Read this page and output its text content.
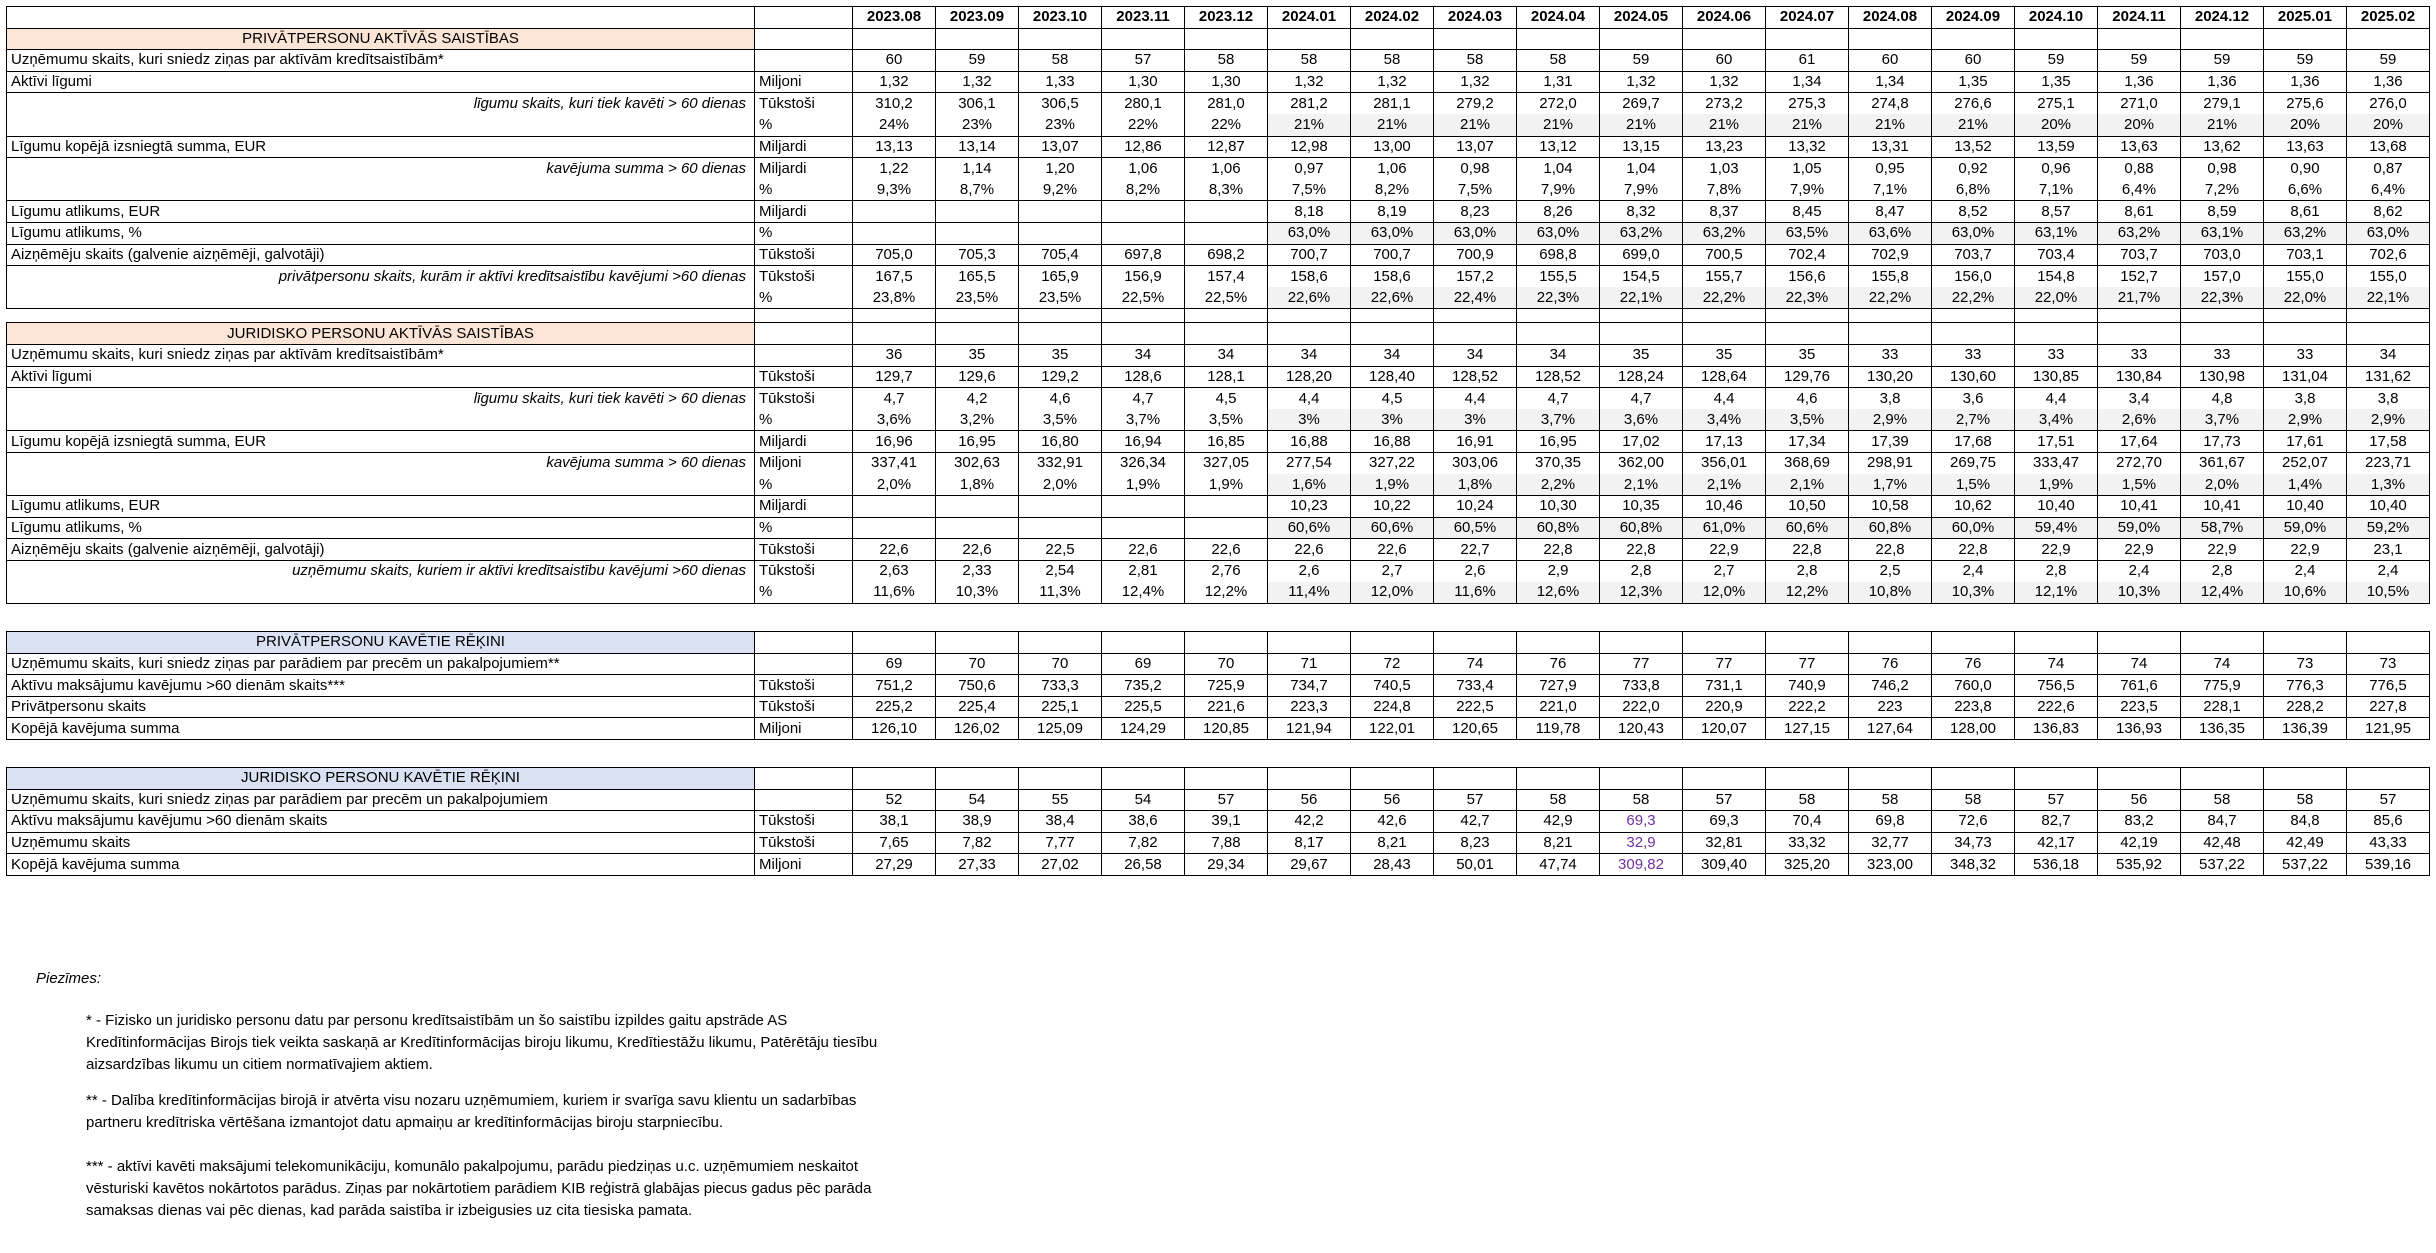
		2023.08	2023.09	2023.10	2023.11	2023.12	2024.01	2024.02	2024.03	2024.04	2024.05	2024.06	2024.07	2024.08	2024.09	2024.10	2024.11	2024.12	2025.01	2025.02
PRIVĀTPERSONU AKTĪVĀS SAISTĪBAS																				
Uzņēmumu skaits, kuri sniedz ziņas par aktīvām kredītsaistībām*		60	59	58	57	58	58	58	58	58	59	60	61	60	60	59	59	59	59	59
Aktīvi līgumi	Miljoni	1,32	1,32	1,33	1,30	1,30	1,32	1,32	1,32	1,31	1,32	1,32	1,34	1,34	1,35	1,35	1,36	1,36	1,36	1,36
līgumu skaits, kuri tiek kavēti > 60 dienas	Tūkstoši	310,2	306,1	306,5	280,1	281,0	281,2	281,1	279,2	272,0	269,7	273,2	275,3	274,8	276,6	275,1	271,0	279,1	275,6	276,0
	%	24%	23%	23%	22%	22%	21%	21%	21%	21%	21%	21%	21%	21%	21%	20%	20%	21%	20%	20%
Līgumu kopējā izsniegtā summa, EUR	Miljardi	13,13	13,14	13,07	12,86	12,87	12,98	13,00	13,07	13,12	13,15	13,23	13,32	13,31	13,52	13,59	13,63	13,62	13,63	13,68
kavējuma summa > 60 dienas	Miljardi	1,22	1,14	1,20	1,06	1,06	0,97	1,06	0,98	1,04	1,04	1,03	1,05	0,95	0,92	0,96	0,88	0,98	0,90	0,87
	%	9,3%	8,7%	9,2%	8,2%	8,3%	7,5%	8,2%	7,5%	7,9%	7,9%	7,8%	7,9%	7,1%	6,8%	7,1%	6,4%	7,2%	6,6%	6,4%
Līgumu atlikums, EUR	Miljardi						8,18	8,19	8,23	8,26	8,32	8,37	8,45	8,47	8,52	8,57	8,61	8,59	8,61	8,62
Līgumu atlikums, %	%						63,0%	63,0%	63,0%	63,0%	63,2%	63,2%	63,5%	63,6%	63,0%	63,1%	63,2%	63,1%	63,2%	63,0%
Aizņēmēju skaits (galvenie aizņēmēji, galvotāji)	Tūkstoši	705,0	705,3	705,4	697,8	698,2	700,7	700,7	700,9	698,8	699,0	700,5	702,4	702,9	703,7	703,4	703,7	703,0	703,1	702,6
privātpersonu skaits, kurām ir aktīvi kredītsaistību kavējumi >60 dienas	Tūkstoši	167,5	165,5	165,9	156,9	157,4	158,6	158,6	157,2	155,5	154,5	155,7	156,6	155,8	156,0	154,8	152,7	157,0	155,0	155,0
	%	23,8%	23,5%	23,5%	22,5%	22,5%	22,6%	22,6%	22,4%	22,3%	22,1%	22,2%	22,3%	22,2%	22,2%	22,0%	21,7%	22,3%	22,0%	22,1%

JURIDISKO PERSONU AKTĪVĀS SAISTĪBAS																				
Uzņēmumu skaits, kuri sniedz ziņas par aktīvām kredītsaistībām*		36	35	35	34	34	34	34	34	34	35	35	35	33	33	33	33	33	33	34
Aktīvi līgumi	Tūkstoši	129,7	129,6	129,2	128,6	128,1	128,20	128,40	128,52	128,52	128,24	128,64	129,76	130,20	130,60	130,85	130,84	130,98	131,04	131,62
līgumu skaits, kuri tiek kavēti > 60 dienas	Tūkstoši	4,7	4,2	4,6	4,7	4,5	4,4	4,5	4,4	4,7	4,7	4,4	4,6	3,8	3,6	4,4	3,4	4,8	3,8	3,8
	%	3,6%	3,2%	3,5%	3,7%	3,5%	3%	3%	3%	3,7%	3,6%	3,4%	3,5%	2,9%	2,7%	3,4%	2,6%	3,7%	2,9%	2,9%
Līgumu kopējā izsniegtā summa, EUR	Miljardi	16,96	16,95	16,80	16,94	16,85	16,88	16,88	16,91	16,95	17,02	17,13	17,34	17,39	17,68	17,51	17,64	17,73	17,61	17,58
kavējuma summa > 60 dienas	Miljoni	337,41	302,63	332,91	326,34	327,05	277,54	327,22	303,06	370,35	362,00	356,01	368,69	298,91	269,75	333,47	272,70	361,67	252,07	223,71
	%	2,0%	1,8%	2,0%	1,9%	1,9%	1,6%	1,9%	1,8%	2,2%	2,1%	2,1%	2,1%	1,7%	1,5%	1,9%	1,5%	2,0%	1,4%	1,3%
Līgumu atlikums, EUR	Miljardi						10,23	10,22	10,24	10,30	10,35	10,46	10,50	10,58	10,62	10,40	10,41	10,41	10,40	10,40
Līgumu atlikums, %	%						60,6%	60,6%	60,5%	60,8%	60,8%	61,0%	60,6%	60,8%	60,0%	59,4%	59,0%	58,7%	59,0%	59,2%
Aizņēmēju skaits (galvenie aizņēmēji, galvotāji)	Tūkstoši	22,6	22,6	22,5	22,6	22,6	22,6	22,6	22,7	22,8	22,8	22,9	22,8	22,8	22,8	22,9	22,9	22,9	22,9	23,1
uzņēmumu skaits, kuriem ir aktīvi kredītsaistību kavējumi >60 dienas	Tūkstoši	2,63	2,33	2,54	2,81	2,76	2,6	2,7	2,6	2,9	2,8	2,7	2,8	2,5	2,4	2,8	2,4	2,8	2,4	2,4
	%	11,6%	10,3%	11,3%	12,4%	12,2%	11,4%	12,0%	11,6%	12,6%	12,3%	12,0%	12,2%	10,8%	10,3%	12,1%	10,3%	12,4%	10,6%	10,5%

PRIVĀTPERSONU KAVĒTIE RĒĶINI																				
Uzņēmumu skaits, kuri sniedz ziņas par parādiem par precēm un pakalpojumiem**		69	70	70	69	70	71	72	74	76	77	77	77	76	76	74	74	74	73	73
Aktīvu maksājumu kavējumu >60 dienām skaits***	Tūkstoši	751,2	750,6	733,3	735,2	725,9	734,7	740,5	733,4	727,9	733,8	731,1	740,9	746,2	760,0	756,5	761,6	775,9	776,3	776,5
Privātpersonu skaits	Tūkstoši	225,2	225,4	225,1	225,5	221,6	223,3	224,8	222,5	221,0	222,0	220,9	222,2	223	223,8	222,6	223,5	228,1	228,2	227,8
Kopējā kavējuma summa	Miljoni	126,10	126,02	125,09	124,29	120,85	121,94	122,01	120,65	119,78	120,43	120,07	127,15	127,64	128,00	136,83	136,93	136,35	136,39	121,95

JURIDISKO PERSONU KAVĒTIE RĒĶINI																				
Uzņēmumu skaits, kuri sniedz ziņas par parādiem par precēm un pakalpojumiem		52	54	55	54	57	56	56	57	58	58	57	58	58	58	57	56	58	58	57
Aktīvu maksājumu kavējumu >60 dienām skaits	Tūkstoši	38,1	38,9	38,4	38,6	39,1	42,2	42,6	42,7	42,9	69,3	69,3	70,4	69,8	72,6	82,7	83,2	84,7	84,8	85,6
Uzņēmumu skaits	Tūkstoši	7,65	7,82	7,77	7,82	7,88	8,17	8,21	8,23	8,21	32,9	32,81	33,32	32,77	34,73	42,17	42,19	42,48	42,49	43,33
Kopējā kavējuma summa	Miljoni	27,29	27,33	27,02	26,58	29,34	29,67	28,43	50,01	47,74	309,82	309,40	325,20	323,00	348,32	536,18	535,92	537,22	537,22	539,16
Piezīmes:
* - Fizisko un juridisko personu datu par personu kredītsaistībām un šo saistību izpildes gaitu apstrāde AS Kredītinformācijas Birojs tiek veikta saskaņā ar Kredītinformācijas biroju likumu, Kredītiestāžu likumu, Patērētāju tiesību aizsardzības likumu un citiem normatīvajiem aktiem.
** - Dalība kredītinformācijas birojā ir atvērta visu nozaru uzņēmumiem, kuriem ir svarīga savu klientu un sadarbības partneru kredītriska vērtēšana izmantojot datu apmaiņu ar kredītinformācijas biroju starpniecību.
*** - aktīvi kavēti maksājumi telekomunikāciju, komunālo pakalpojumu, parādu piedziņas u.c. uzņēmumiem neskaitot vēsturiski kavētos nokārtotos parādus. Ziņas par nokārtotiem parādiem KIB reģistrā glabājas piecus gadus pēc parāda samaksas dienas vai pēc dienas, kad parāda saistība ir izbeigusies uz cita tiesiska pamata.
